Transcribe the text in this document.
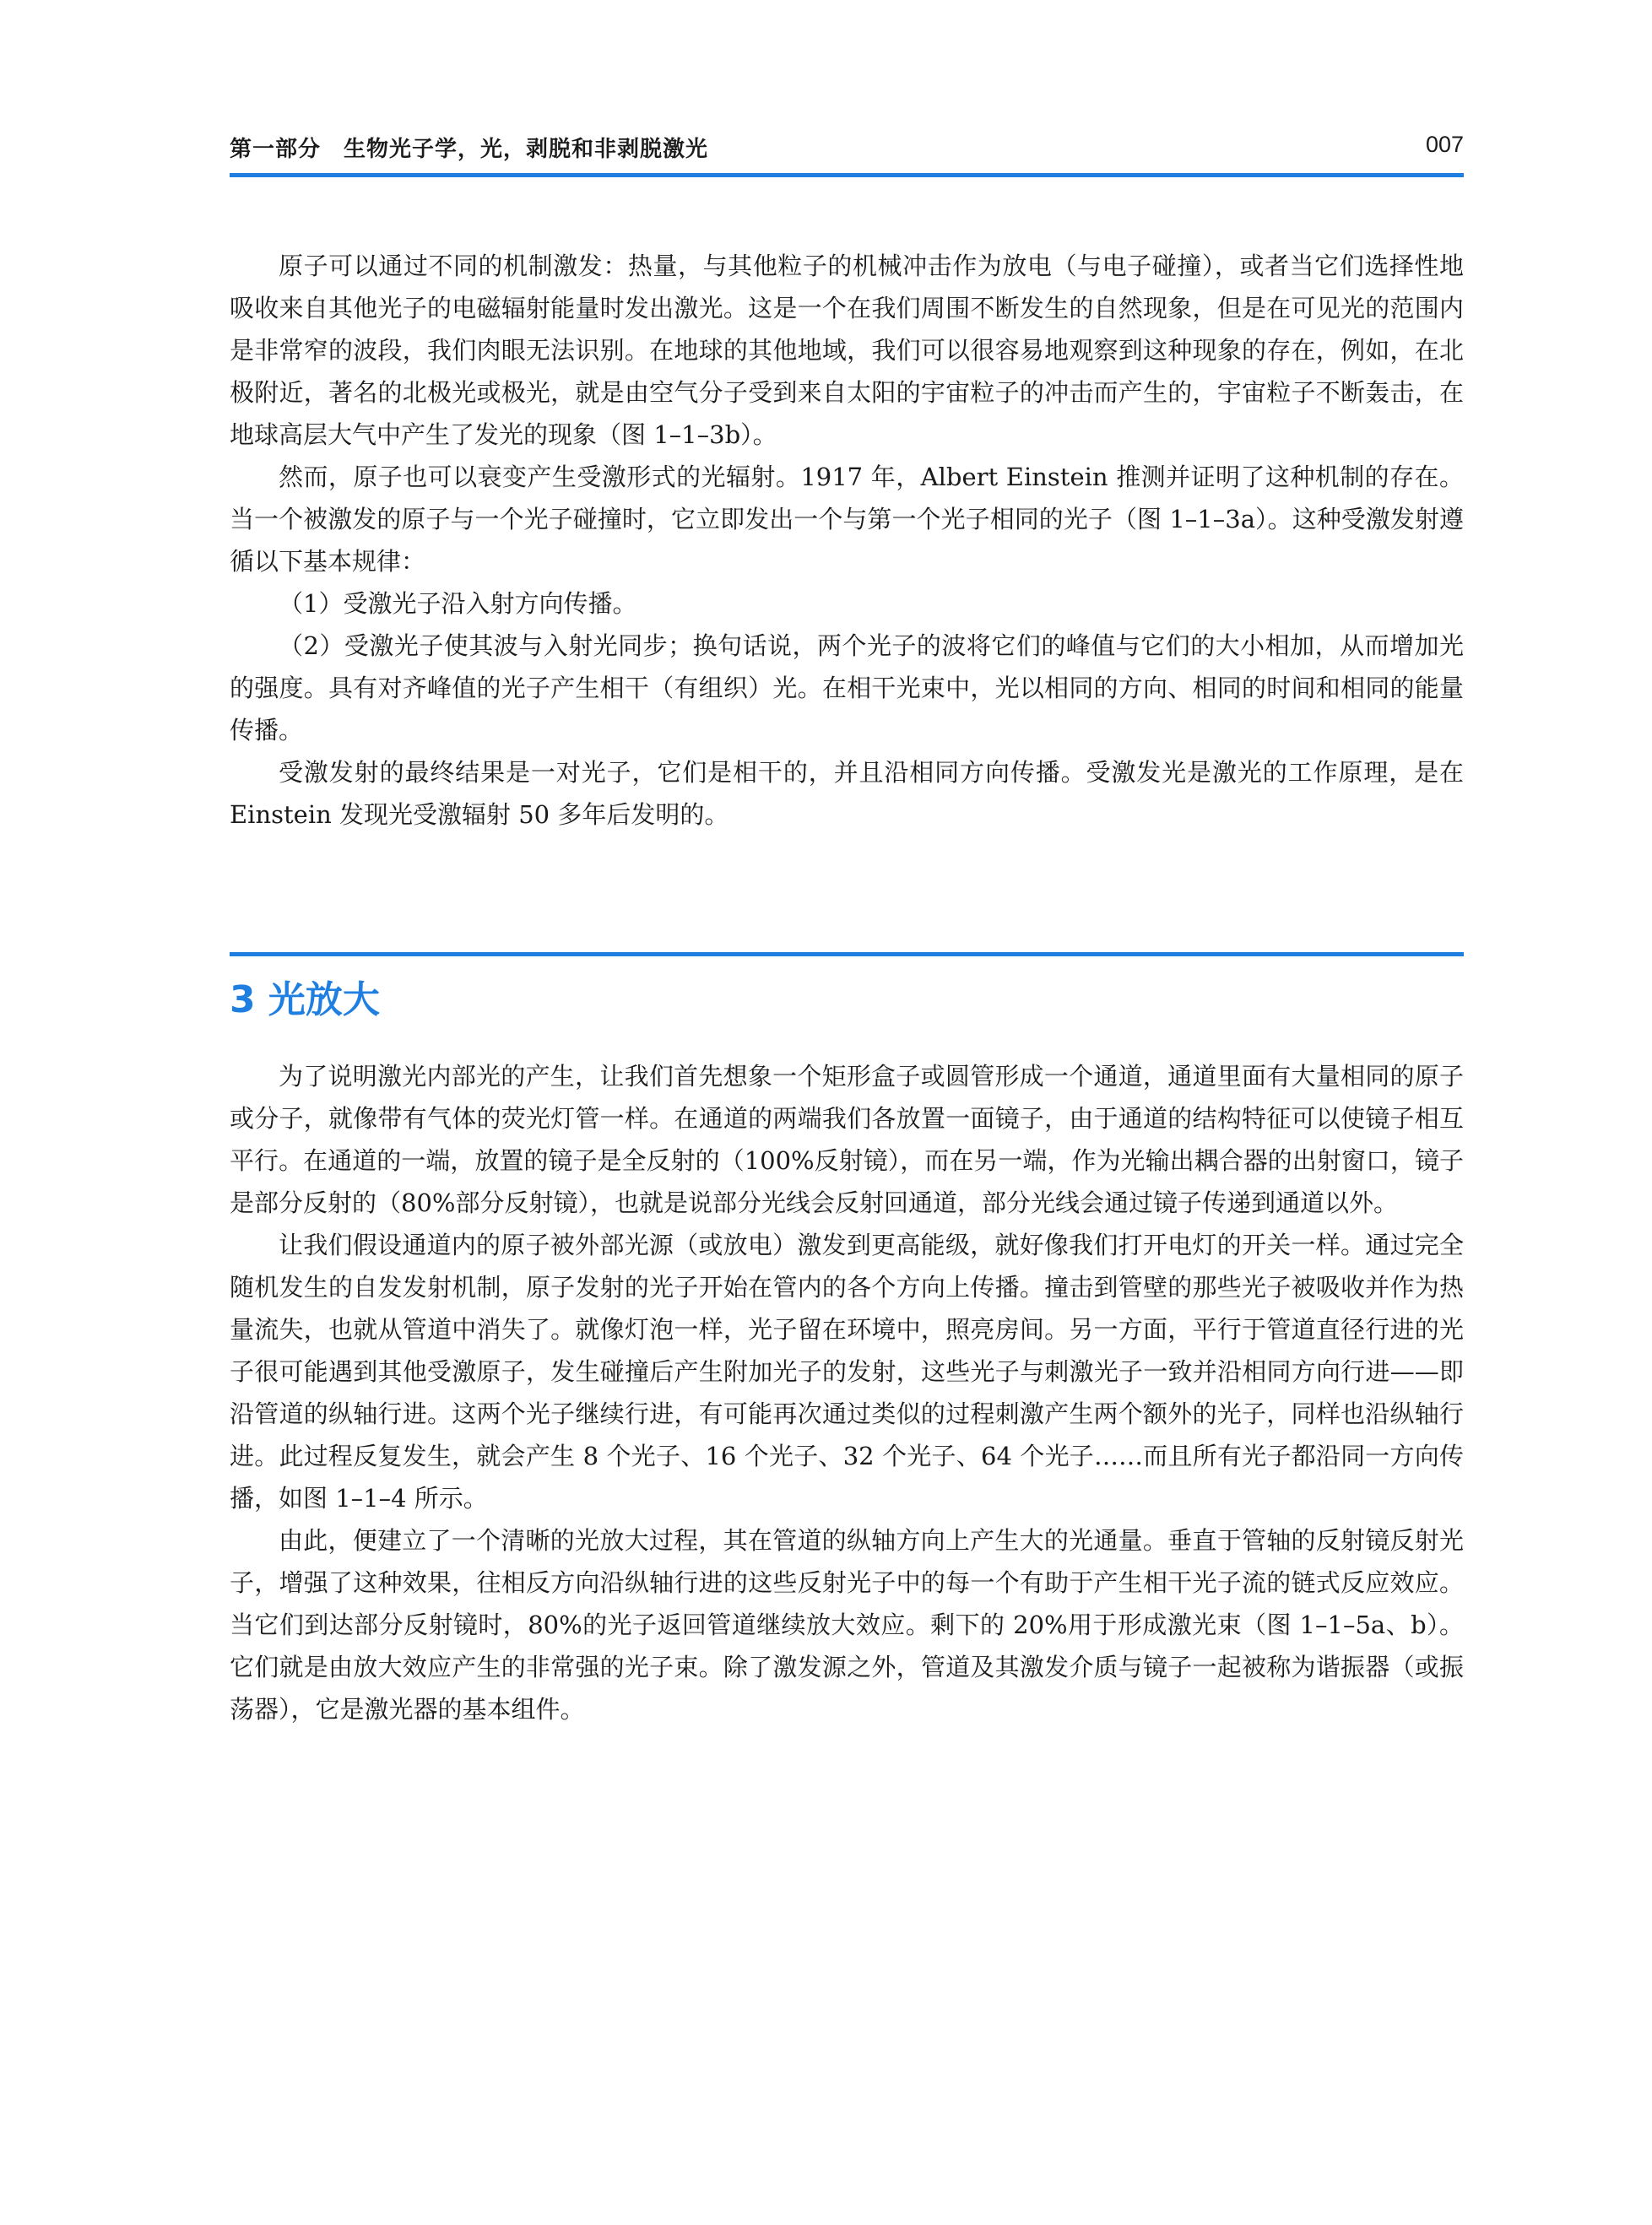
第一部分　生物光子学，光，剥脱和非剥脱激光	007

原子可以通过不同的机制激发：热量，与其他粒子的机械冲击作为放电（与电子碰撞），或者当它们选择性地吸收来自其他光子的电磁辐射能量时发出激光。这是一个在我们周围不断发生的自然现象，但是在可见光的范围内是非常窄的波段，我们肉眼无法识别。在地球的其他地域，我们可以很容易地观察到这种现象的存在，例如，在北极附近，著名的北极光或极光，就是由空气分子受到来自太阳的宇宙粒子的冲击而产生的，宇宙粒子不断轰击，在地球高层大气中产生了发光的现象（图 1–1–3b）。

然而，原子也可以衰变产生受激形式的光辐射。1917 年，Albert Einstein 推测并证明了这种机制的存在。 当一个被激发的原子与一个光子碰撞时，它立即发出一个与第一个光子相同的光子（图 1–1–3a）。这种受激发射遵循以下基本规律：

（1）受激光子沿入射方向传播。

（2）受激光子使其波与入射光同步；换句话说，两个光子的波将它们的峰值与它们的大小相加，从而增加光的强度。具有对齐峰值的光子产生相干（有组织）光。在相干光束中，光以相同的方向、相同的时间和相同的能量传播。

受激发射的最终结果是一对光子，它们是相干的，并且沿相同方向传播。受激发光是激光的工作原理，是在 Einstein 发现光受激辐射 50 多年后发明的。

3 光放大

为了说明激光内部光的产生，让我们首先想象一个矩形盒子或圆管形成一个通道，通道里面有大量相同的原子或分子，就像带有气体的荧光灯管一样。在通道的两端我们各放置一面镜子，由于通道的结构特征可以使镜子相互平行。在通道的一端，放置的镜子是全反射的（100%反射镜），而在另一端，作为光输出耦合器的出射窗口，镜子是部分反射的（80%部分反射镜），也就是说部分光线会反射回通道，部分光线会通过镜子传递到通道以外。

让我们假设通道内的原子被外部光源（或放电）激发到更高能级，就好像我们打开电灯的开关一样。通过完全随机发生的自发发射机制，原子发射的光子开始在管内的各个方向上传播。撞击到管壁的那些光子被吸收并作为热量流失，也就从管道中消失了。就像灯泡一样，光子留在环境中，照亮房间。另一方面，平行于管道直径行进的光子很可能遇到其他受激原子，发生碰撞后产生附加光子的发射，这些光子与刺激光子一致并沿相同方向行进——即沿管道的纵轴行进。这两个光子继续行进，有可能再次通过类似的过程刺激产生两个额外的光子，同样也沿纵轴行进。此过程反复发生，就会产生 8 个光子、16 个光子、32 个光子、64 个光子……而且所有光子都沿同一方向传播，如图 1–1–4 所示。

由此，便建立了一个清晰的光放大过程，其在管道的纵轴方向上产生大的光通量。垂直于管轴的反射镜反射光子，增强了这种效果，往相反方向沿纵轴行进的这些反射光子中的每一个有助于产生相干光子流的链式反应效应。当它们到达部分反射镜时，80%的光子返回管道继续放大效应。剩下的 20%用于形成激光束（图 1–1–5a、b）。它们就是由放大效应产生的非常强的光子束。除了激发源之外，管道及其激发介质与镜子一起被称为谐振器（或振荡器），它是激光器的基本组件。
